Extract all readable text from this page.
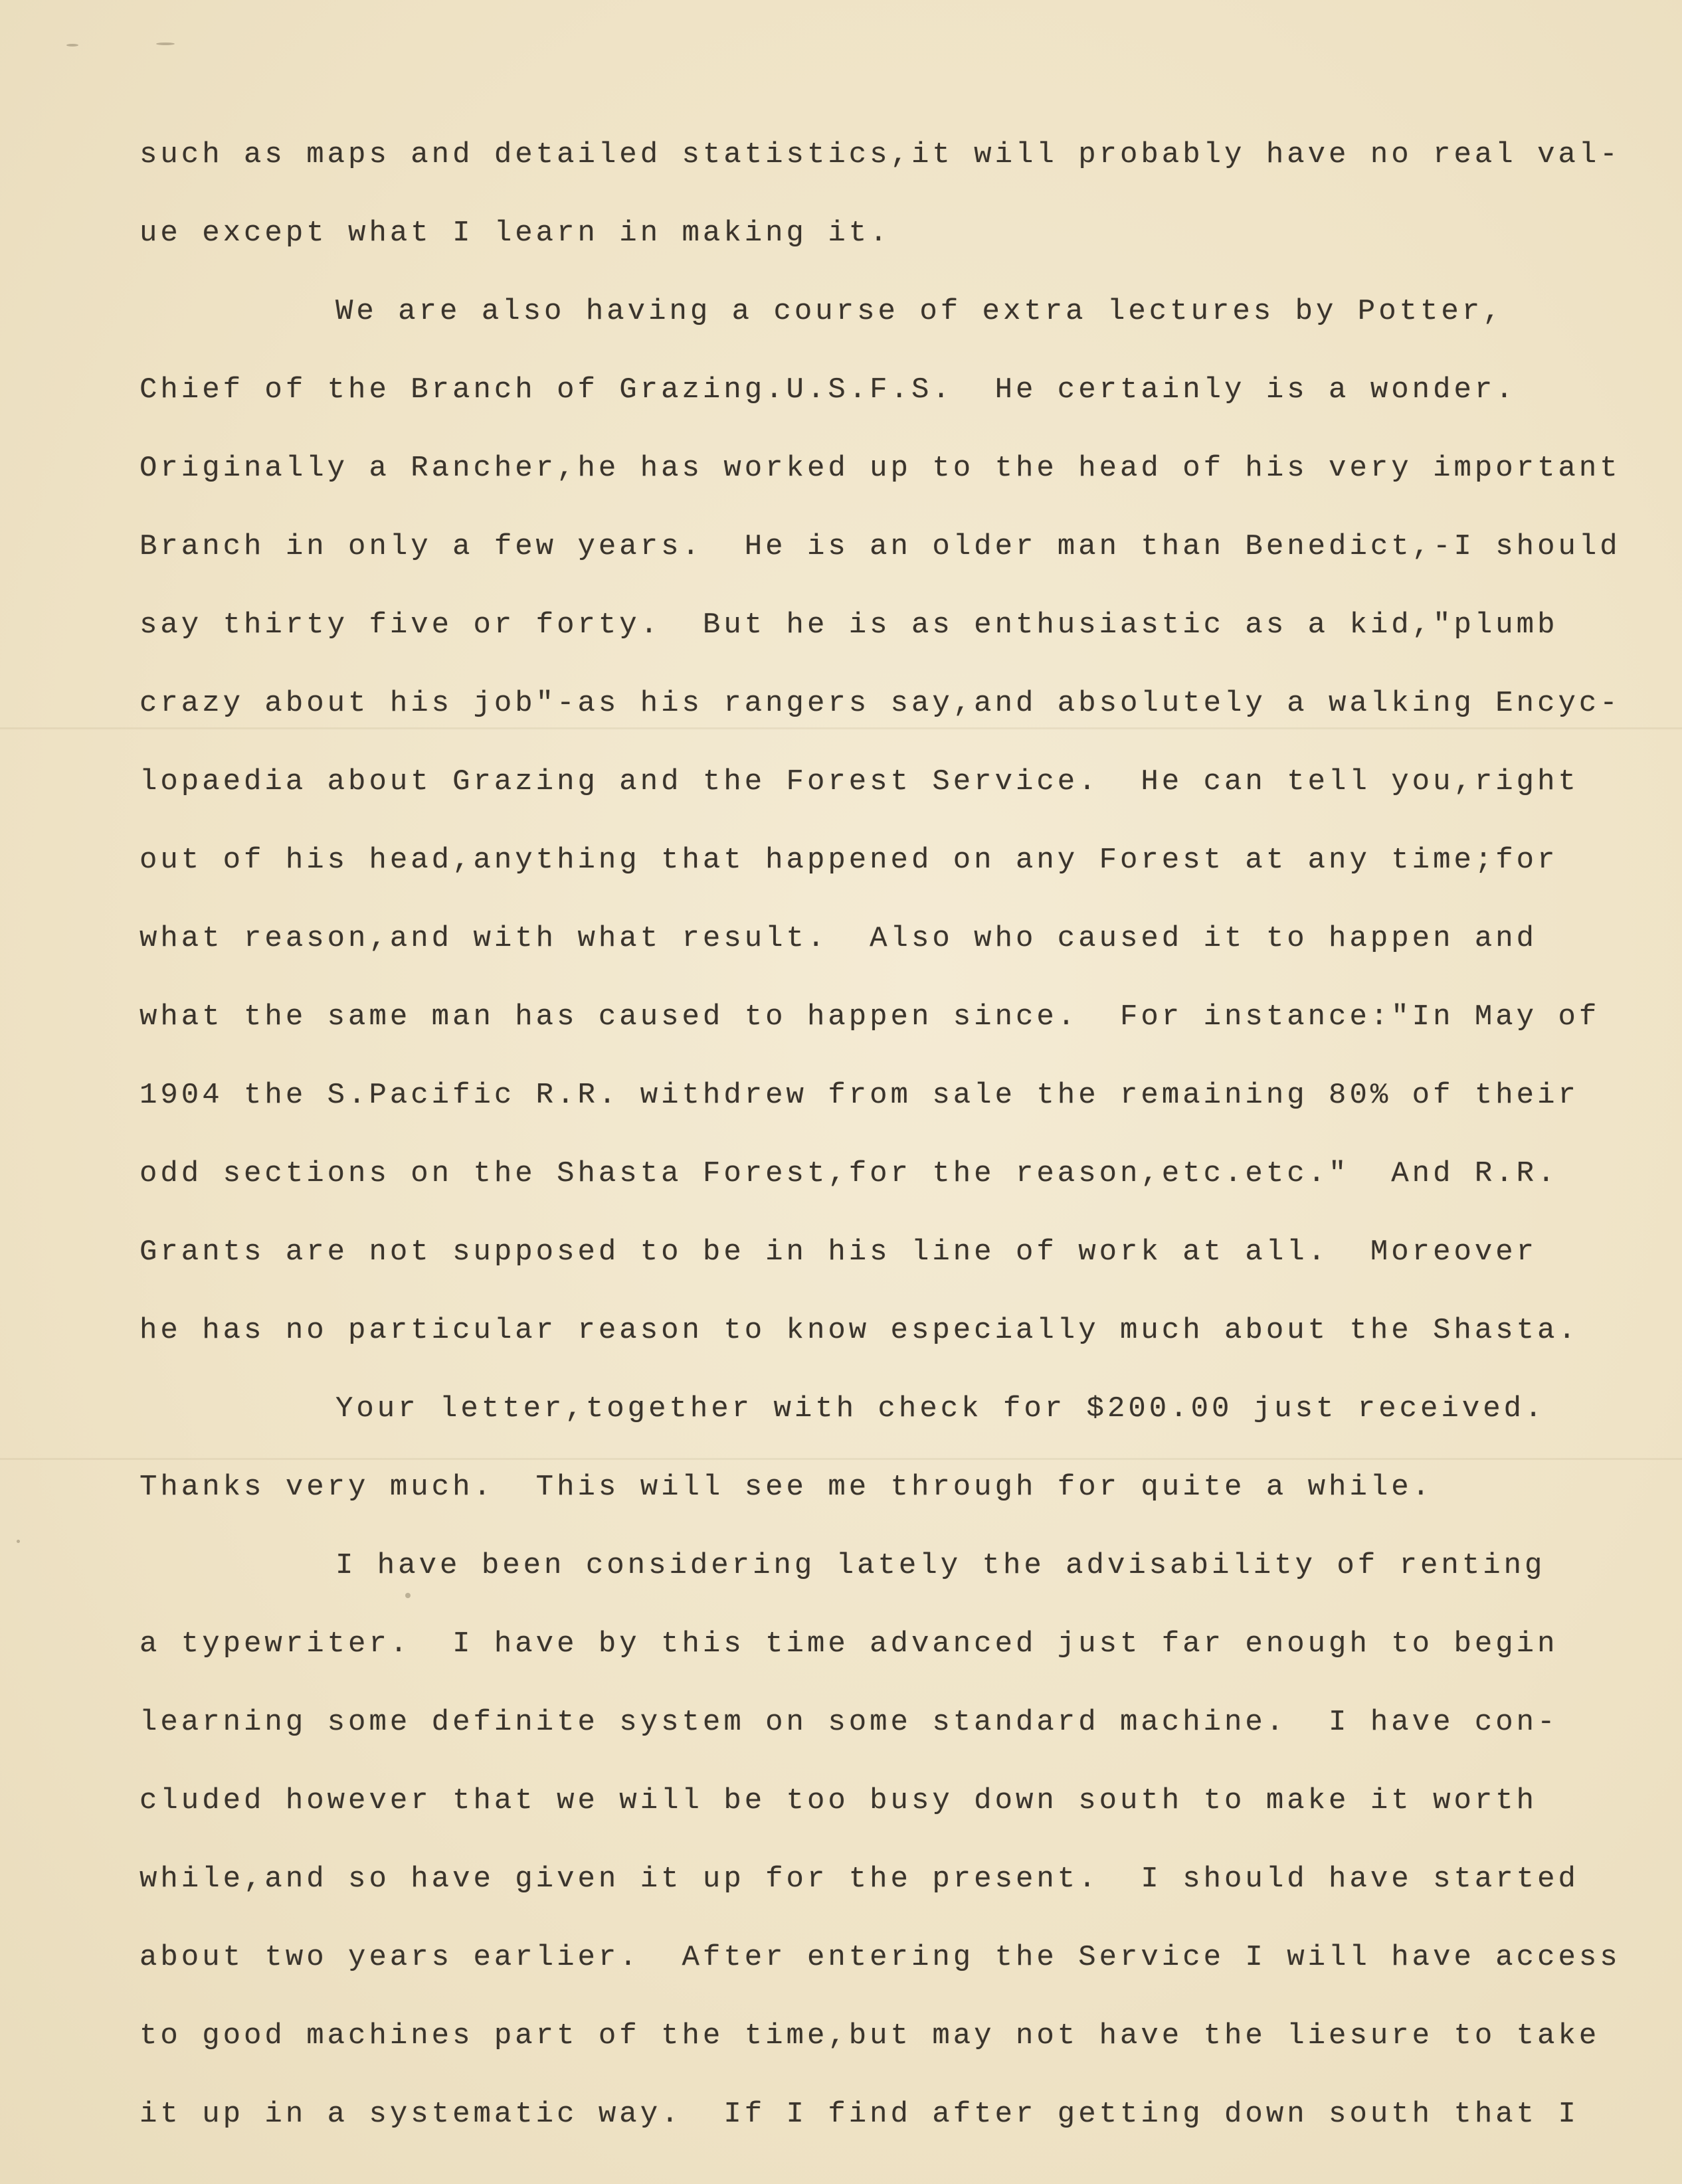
such as maps and detailed statistics,it will probably have no real val-
ue except what I learn in making it.
We are also having a course of extra lectures by Potter,
Chief of the Branch of Grazing.U.S.F.S.  He certainly is a wonder.
Originally a Rancher,he has worked up to the head of his very important
Branch in only a few years.  He is an older man than Benedict,-I should
say thirty five or forty.  But he is as enthusiastic as a kid,"plumb
crazy about his job"-as his rangers say,and absolutely a walking Encyc-
lopaedia about Grazing and the Forest Service.  He can tell you,right
out of his head,anything that happened on any Forest at any time;for
what reason,and with what result.  Also who caused it to happen and
what the same man has caused to happen since.  For instance:"In May of
1904 the S.Pacific R.R. withdrew from sale the remaining 80% of their
odd sections on the Shasta Forest,for the reason,etc.etc."  And R.R.
Grants are not supposed to be in his line of work at all.  Moreover
he has no particular reason to know especially much about the Shasta.
Your letter,together with check for $200.00 just received.
Thanks very much.  This will see me through for quite a while.
I have been considering lately the advisability of renting
a typewriter.  I have by this time advanced just far enough to begin
learning some definite system on some standard machine.  I have con-
cluded however that we will be too busy down south to make it worth
while,and so have given it up for the present.  I should have started
about two years earlier.  After entering the Service I will have access
to good machines part of the time,but may not have the liesure to take
it up in a systematic way.  If I find after getting down south that I
